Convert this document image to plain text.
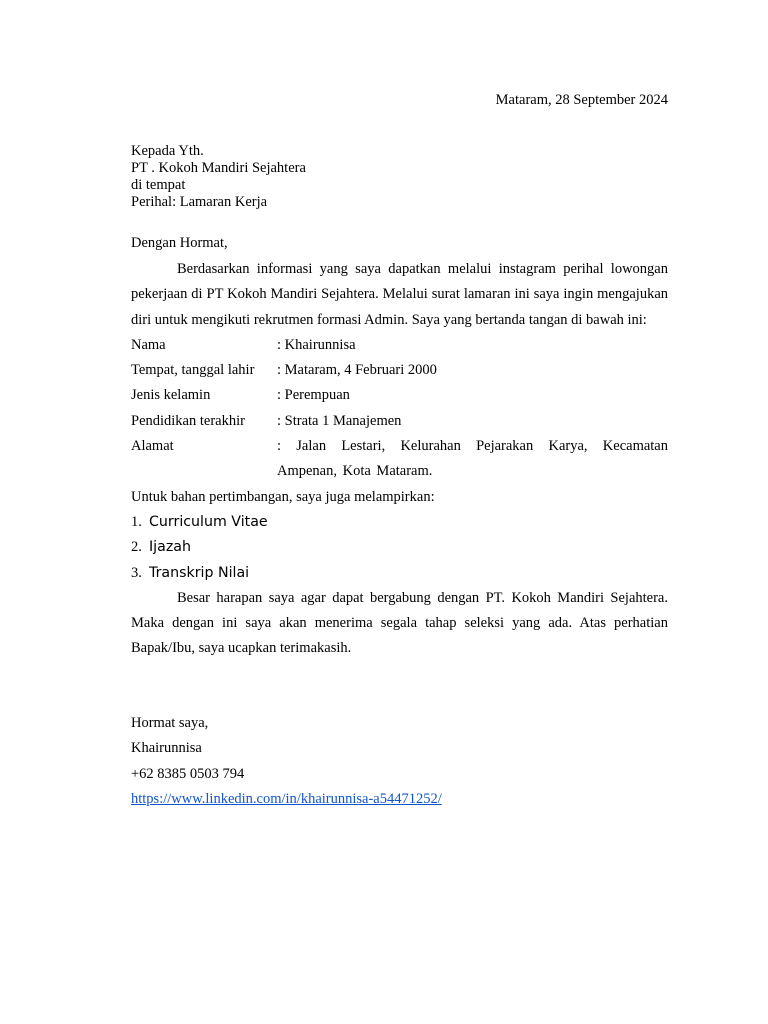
Mataram, 28 September 2024
Kepada Yth.
PT . Kokoh Mandiri Sejahtera
di tempat
Perihal: Lamaran Kerja
Dengan Hormat,

Berdasarkan informasi yang saya dapatkan melalui instagram perihal lowongan pekerjaan di PT Kokoh Mandiri Sejahtera. Melalui surat lamaran ini saya ingin mengajukan diri untuk mengikuti rekrutmen formasi Admin. Saya yang bertanda tangan di bawah ini:

Nama	: Khairunnisa
Tempat, tanggal lahir	: Mataram, 4 Februari 2000
Jenis kelamin	: Perempuan
Pendidikan terakhir	: Strata 1 Manajemen
Alamat	: Jalan Lestari, Kelurahan Pejarakan Karya, Kecamatan Ampenan, Kota Mataram.
Untuk bahan pertimbangan, saya juga melampirkan:
1. Curriculum Vitae
2. Ijazah
3. Transkrip Nilai

Besar harapan saya agar dapat bergabung dengan PT. Kokoh Mandiri Sejahtera. Maka dengan ini saya akan menerima segala tahap seleksi yang ada. Atas perhatian Bapak/Ibu, saya ucapkan terimakasih.

Hormat saya,
Khairunnisa
+62 8385 0503 794
https://www.linkedin.com/in/khairunnisa-a54471252/
